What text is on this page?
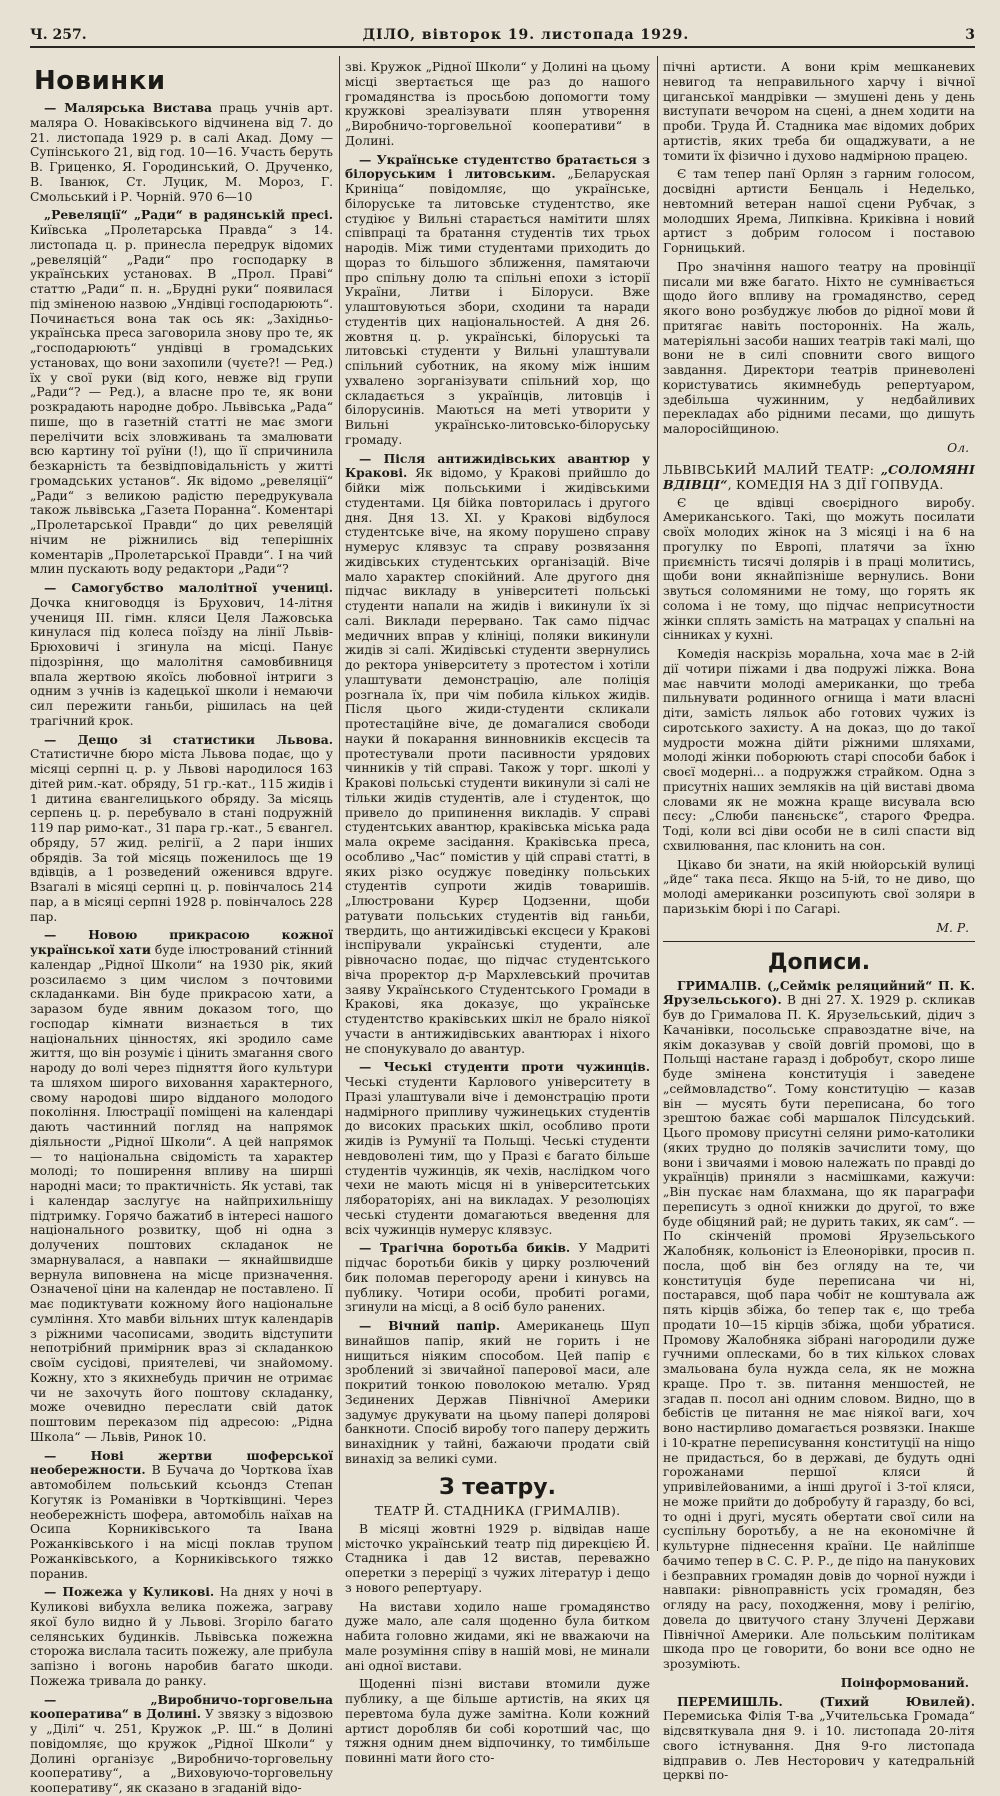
Ч. 257.	ДІЛО, вівторок 19. листопада 1929.	3
Новинки

— Малярська Вистава праць учнів арт. маляра О. Новаківського відчинена від 7. до 21. листопада 1929 р. в салі Акад. Дому — Супінського 21, від год. 10—16. Участь беруть В. Гриценко, Я. Городинський, О. Друченко, В. Іванюк, Ст. Луцик, М. Мороз, Г. Смольський і Р. Чорній. 970 6—10

„Ревеляції“ „Ради“ в радянській пресі. Київська „Пролетарська Правда“ з 14. листопада ц. р. принесла передрук відомих „ревеляцій“ „Ради“ про господарку в українських установах. В „Прол. Праві“ статтю „Ради“ п. н. „Брудні руки“ появилася під зміненою назвою „Ундівці господарюють“. Починається вона так ось як: „Західньо-українська преса заговорила знову про те, як „господарюють“ ундівці в громадських установах, що вони захопили (чуєте?! — Ред.) їх у свої руки (від кого, невже від групи „Ради“? — Ред.), а власне про те, як вони розкрадають народне добро. Львівська „Рада“ пише, що в газетній статті не має змоги перелічити всіх зловживань та змалювати всю картину тої руїни (!), що її спричинила безкарність та безвідповідальність у житті громадських установ“. Як відомо „ревеляції“ „Ради“ з великою радістю передрукувала також львівська „Газета Поранна“. Коментарі „Пролетарської Правди“ до цих ревеляцій нічим не ріжнились від теперішніх коментарів „Пролетарської Правди“. І на чий млин пускають воду редактори „Ради“?

— Самогубство малолітної учениці. Дочка книговодця із Брухович, 14-літня учениця III. гімн. кляси Целя Лажовська кинулася під колеса поїзду на лінії Львів-Брюховичі і згинула на місці. Панує підозріння, що малолітня самовбивниця впала жертвою якоїсь любовної інтриги з одним з учнів із кадецької школи і немаючи сил пережити ганьби, рішилась на цей трагічний крок.

— Дещо зі статистики Львова. Статистичне бюро міста Львова подає, що у місяці серпні ц. р. у Львові народилося 163 дітей рим.-кат. обряду, 51 гр.-кат., 115 жидів і 1 дитина євангелицького обряду. За місяць серпень ц. р. перебувало в стані подружній 119 пар римо-кат., 31 пара гр.-кат., 5 євангел. обряду, 57 жид. релігії, а 2 пари інших обрядів. За той місяць поженилось ще 19 вдівців, а 1 розведений оженився вдруге. Взагалі в місяці серпні ц. р. повінчалось 214 пар, а в місяці серпні 1928 р. повінчалось 228 пар.

— Новою прикрасою кожної української хати буде ілюстрований стінний календар „Рідної Школи“ на 1930 рік, який розсилаємо з цим числом з почтовими складанками. Він буде прикрасою хати, а заразом буде явним доказом того, що господар кімнати визнається в тих національних цінностях, які зродило саме життя, що він розуміє і цінить змагання свого народу до волі через підняття його культури та шляхом широго виховання характерного, свому народові широ відданого молодого покоління. Ілюстрації поміщені на календарі дають частинний погляд на напрямок діяльности „Рідної Школи“. А цей напрямок — то національна свідомість та характер молоді; то поширення впливу на ширші народні маси; то практичність. Як уставі, так і календар заслугує на найприхильнішу підтримку. Горячо бажатиб в інтересі нашого національного розвитку, щоб ні одна з долучених поштових складанок не змарнувалася, а навпаки — якнайшвидше вернула виповнена на місце призначення. Означеної ціни на календар не поставлено. Ії має подиктувати кожному його національне сумління. Хто мавби вільних штук календарів з ріжними часописами, зводить відступити непотрібний примірник враз зі складанкою своїм сусідові, приятелеві, чи знайомому. Кожну, хто з якихнебудь причин не отримає чи не захочуть його поштову складанку, може очевидно переслати свій даток поштовим переказом під адресою: „Рідна Школа“ — Львів, Ринок 10.

— Нові жертви шоферської необережности. В Бучача до Чорткова їхав автомобілем польський ксьондз Степан Когутяк із Романівки в Чортківщині. Через необережність шофера, автомобіль наїхав на Осипа Корниківського та Івана Рожанківського і на місці поклав трупом Рожанківського, а Корниківського тяжко поранив.

— Пожежа у Куликові. На днях у ночі в Куликові вибухла велика пожежа, заграву якої було видно й у Львові. Згоріло багато селянських будинків. Львівська пожежна сторожа вислала тасить пожежу, але прибула запізно і вогонь наробив багато шкоди. Пожежа тривала до ранку.

— „Виробничо-торговельна кооператива“ в Долині. У звязку з відозвою у „Ділі“ ч. 251, Кружок „Р. Ш.“ в Долині повідомляє, що кружок „Рідної Школи“ у Долині організує „Виробничо-торговельну кооперативу“, а „Виховуючо-торговельну кооперативу“, як сказано в згаданій відо-

зві. Кружок „Рідної Школи“ у Долині на цьому місці звертається ще раз до нашого громадянства із просьбою допомогти тому кружкові зреалізувати плян утворення „Виробничо-торговельної кооперативи“ в Долині.

— Українське студентство братається з білоруським і литовським. „Беларуская Криніца“ повідомляє, що українське, білоруське та литовське студентство, яке студіює у Вильні старається намітити шлях співпраці та братання студентів тих трьох народів. Між тими студентами приходить до щораз то більшого зближення, памятаючи про спільну долю та спільні епохи з історії України, Литви і Білоруси. Вже улаштовуються збори, сходини та наради студентів цих національностей. А дня 26. жовтня ц. р. українські, білоруські та литовські студенти у Вильні улаштували спільний суботник, на якому між іншим ухвалено зорганізувати спільний хор, що складається з українців, литовців і білорусинів. Маються на меті утворити у Вильні українсько-литовсько-білоруську громаду.

— Після антижидівських авантюр у Кракові. Як відомо, у Кракові прийшло до бійки між польськими і жидівськими студентами. Ця бійка повторилась і другого дня. Дня 13. XI. у Кракові відбулося студентське віче, на якому порушено справу нумерус клявзус та справу розвязання жидівських студентських організацій. Віче мало характер спокійний. Але другого дня підчас викладу в університеті польські студенти напали на жидів і викинули їх зі салі. Виклади перервано. Так само підчас медичних вправ у клініці, поляки викинули жидів зі салі. Жидівські студенти звернулись до ректора університету з протестом і хотіли улаштувати демонстрацію, але поліція розгнала їх, при чім побила кількох жидів. Після цього жиди-студенти скликали протестаційне віче, де домагалися свободи науки й покарання винновників ексцесів та протестували проти пасивности урядових чинників у тій справі. Також у торг. школі у Кракові польські студенти викинули зі салі не тільки жидів студентів, але і студенток, що привело до припинення викладів. У справі студентських авантюр, краківська міська рада мала окреме засідання. Краківська преса, особливо „Час“ помістив у цій справі статті, в яких різко осуджує поведінку польських студентів супроти жидів товаришів. „Ілюстровани Курєр Цодзенни, щоби ратувати польських студентів від ганьби, твердить, що антижидівські ексцеси у Кракові інспірували українські студенти, але рівночасно подає, що підчас студентського віча проректор д-р Мархлевський прочитав заяву Українського Студентського Громади в Кракові, яка доказує, що українське студентство краківських шкіл не брало ніякої участи в антижидівських авантюрах і ніхого не спонукувало до авантур.

— Чеські студенти проти чужинців. Чеські студенти Карлового університету в Празі улаштували віче і демонстрацію проти надмірного припливу чужинецьких студентів до високих праських шкіл, особливо проти жидів із Румунії та Польщі. Чеські студенти невдоволені тим, що у Празі є багато більше студентів чужинців, як чехів, наслідком чого чехи не мають місця ні в університетських лябораторіях, ані на викладах. У резолюціях чеські студенти домагаються введення для всіх чужинців нумерус клявзус.

— Трагічна боротьба биків. У Мадриті підчас боротьби биків у цирку розлючений бик поломав перегороду арени і кинувсь на публику. Чотири особи, пробиті рогами, згинули на місці, а 8 осіб було ранених.

— Вічний папір. Американець Шуп винайшов папір, який не горить і не нищиться ніяким способом. Цей папір є зроблений зі звичайної паперової маси, але покритий тонкою поволокою металю. Уряд Зєдинених Держав Північної Америки задумує друкувати на цьому папері долярові банкноти. Спосіб виробу того паперу держить винахідник у тайні, бажаючи продати свій винахід за великі суми.

З театру.
ТЕАТР Й. СТАДНИКА (ГРИМАЛІВ).

В місяці жовтні 1929 р. відвідав наше місточко український театр під дирекцією Й. Стадника і дав 12 вистав, переважно оперетки з переріцї з чужих літератур і дещо з нового репертуару.

На вистави ходило наше громадянство дуже мало, але саля щоденно була битком набита головно жидами, які не вважаючи на мале розуміння співу в нашій мові, не минали ані одної вистави.

Щоденні пізні вистави втомили дуже публику, а ще більше артистів, на яких ця перевтома була дуже замітна. Коли кожний артист доробляв би собі коротший час, що тяжня одним днем відпочинку, то тимбільше повинні мати його сто-

пічні артисти. А вони крім мешканевих невигод та неправильного харчу і вічної циганської мандрівки — змушені день у день виступати вечором на сцені, а днем ходити на проби. Труда Й. Стадника має відомих добрих артистів, яких треба би ощаджувати, а не томити їх фізично і духово надмірною працею.

Є там тепер панї Орлян з гарним голосом, досвідні артисти Бенцаль і Неделько, невтомний ветеран нашої сцени Рубчак, з молодших Ярема, Липківна. Криківна і новий артист з добрим голосом і поставою Горницький.

Про значіння нашого театру на провінції писали ми вже багато. Ніхто не сумнівається щодо його впливу на громадянство, серед якого воно розбуджує любов до рідної мови й притягає навіть посторонніх. На жаль, матеріяльні засоби наших театрів такі малі, що вони не в силі сповнити свого вищого завдання. Директори театрів приневолені користуватись якимнебудь репертуаром, здебільша чужинним, у недбайливих перекладах або рідними песами, що дишуть малоросійщиною.

Ол.
ЛЬВІВСЬКИЙ МАЛИЙ ТЕАТР: „СОЛОМЯНІ ВДІВЦІ“, КОМЕДІЯ НА 3 ДІЇ ГОПВУДА.

Є це вдівці своєрідного виробу. Американського. Такі, що можуть посилати своїх молодих жінок на 3 місяці і на 6 на прогулку по Европі, платячи за їхню приємність тисячі долярів і в праці молитись, щоби вони якнайпізніше вернулись. Вони звуться соломяними не тому, що горять як солома і не тому, що підчас неприсутности жінки сплять замість на матрацах у спальні на сінниках у кухні.

Комедія наскрізь моральна, хоча має в 2-ій дії чотири піжами і два подружі ліжка. Вона має навчити молоді американки, що треба пильнувати родинного огнища і мати власні діти, замість ляльок або готових чужих із сиротського захисту. А на доказ, що до такої мудрости можна дійти ріжними шляхами, молоді жінки поборюють старі способи бабок і своєї модерні... а подружжя страйком. Одна з присутніх наших земляків на цій виставі двома словами як не можна краще висувала всю пєсу: „Слюби панєньскє“, старого Фредра. Тоді, коли всі діви особи не в силі спасти від схвилювання, пас клонить на сон.

Цікаво би знати, на якій нюйорській вулиці „йде“ така пєса. Якщо на 5-ій, то не диво, що молоді американки розсипують свої золяри в паризькім бюрі і по Сагарі.

М. Р.
Дописи.

ГРИМАЛІВ. („Сеймік реляцийний“ П. К. Ярузельського). В дні 27. X. 1929 р. скликав був до Грималова П. К. Ярузельський, дідич з Качанівки, посольське справоздатне віче, на якім доказував у своїй довгій промові, що в Польщі настане гаразд і добробут, скоро лише буде змінена конституція і заведене „сеймовладство“. Тому конституцію — казав він — мусять бути переписана, бо того зрештою бажає собі маршалок Пілсудський. Цього промову присутні селяни римо-католики (яких трудно до поляків зачислити тому, що вони і звичаями і мовою належать по правді до українців) приняли з насмішками, кажучи: „Він пускає нам блахмана, що як параграфи переписуть з одної книжки до другої, то вже буде обіцяний рай; не дурить таких, як сам“. — По скінченій промові Ярузельського Жалобняк, кольоніст із Елеонорівки, просив п. посла, щоб він без огляду на те, чи конституція буде переписана чи ні, постарався, щоб пара чобіт не коштувала аж пять кірців збіжа, бо тепер так є, що треба продати 10—15 кірців збіжа, щоби убратися. Промову Жалобняка зібрані нагородили дуже гучними оплесками, бо в тих кількох словах змальована була нужда села, як не можна краще. Про т. зв. питання меншостей, не згадав п. посол ані одним словом. Видно, що в бебістів це питання не має ніякої ваги, хоч воно настирливо домагається розвязки. Інакше і 10-кратне переписування конституції на ніщо не придасться, бо в державі, де будуть одні горожанами першої кляси й упривілейованими, а інші другої і 3-тої кляси, не може прийти до добробуту й гаразду, бо всі, то одні і другі, мусять обертати свої сили на суспільну боротьбу, а не на економічне й культурне піднесення країни. Це найліпше бачимо тепер в С. С. Р. Р., де підо на панукових і безправних громадян довів до чорної нужди і навпаки: рівноправність усіх громадян, без огляду на расу, походження, мову і релігію, довела до цвитучого стану Злучені Держави Північної Америки. Але польським політикам шкода про це говорити, бо вони все одно не зрозуміють.

Поінформований.

ПЕРЕМИШЛЬ. (Тихий Ювилей). Перемиська Філія Т-ва „Учительська Громада“ відсвяткувала дня 9. і 10. листопада 20-літя свого істнування. Дня 9-го листопада відправив о. Лев Несторович у катедральній церкві по-
